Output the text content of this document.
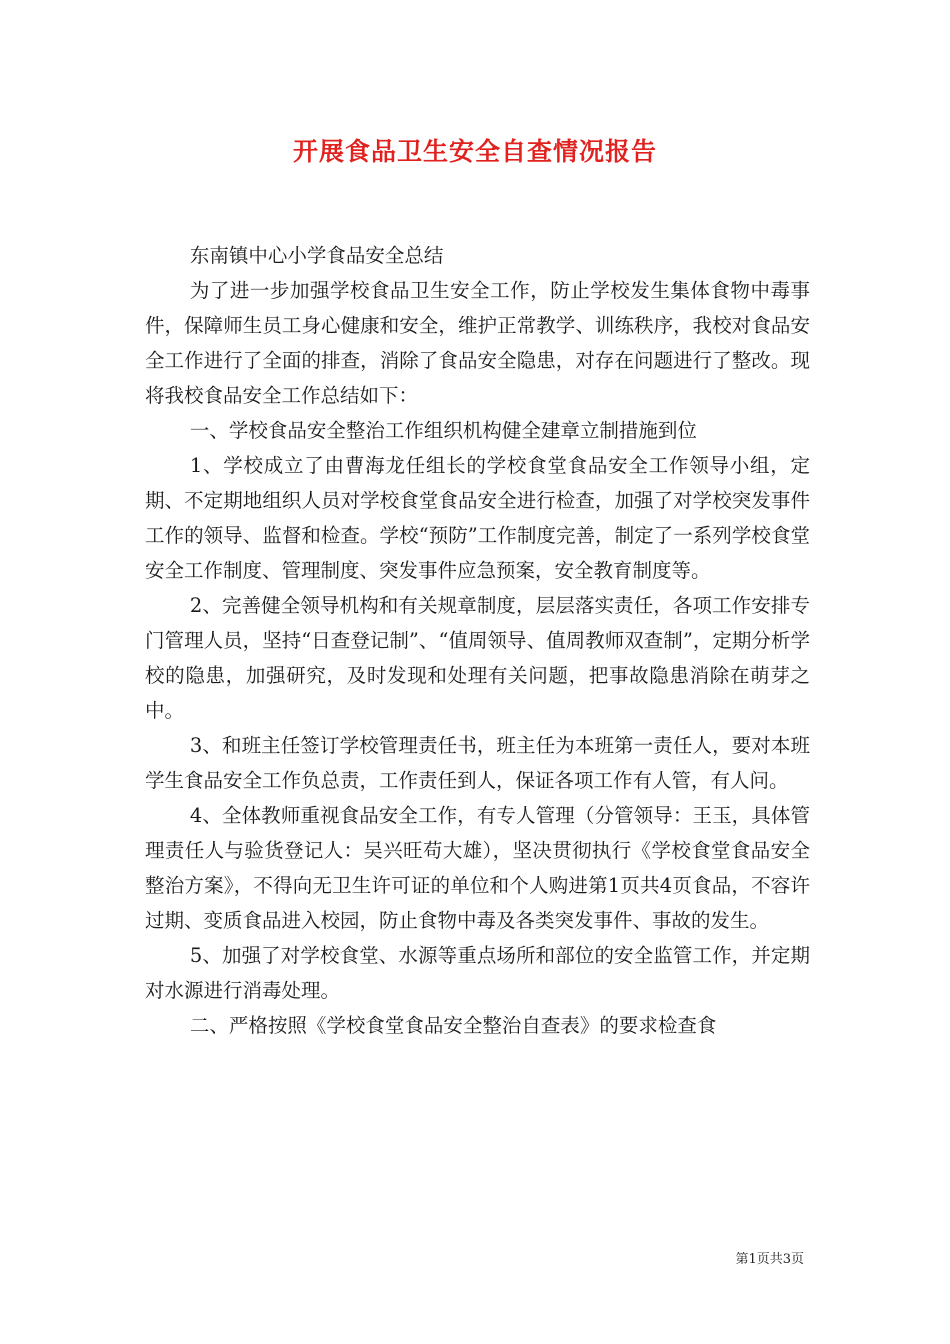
开展食品卫生安全自查情况报告

东南镇中心小学食品安全总结

为了进一步加强学校食品卫生安全工作，防止学校发生集体食物中毒事件，保障师生员工身心健康和安全，维护正常教学、训练秩序，我校对食品安全工作进行了全面的排查，消除了食品安全隐患，对存在问题进行了整改。现将我校食品安全工作总结如下：

一、学校食品安全整治工作组织机构健全建章立制措施到位

1、学校成立了由曹海龙任组长的学校食堂食品安全工作领导小组，定期、不定期地组织人员对学校食堂食品安全进行检查，加强了对学校突发事件工作的领导、监督和检查。学校“预防”工作制度完善，制定了一系列学校食堂安全工作制度、管理制度、突发事件应急预案，安全教育制度等。

2、完善健全领导机构和有关规章制度，层层落实责任，各项工作安排专门管理人员，坚持“日查登记制”、“值周领导、值周教师双查制”，定期分析学校的隐患，加强研究，及时发现和处理有关问题，把事故隐患消除在萌芽之中。

3、和班主任签订学校管理责任书，班主任为本班第一责任人，要对本班学生食品安全工作负总责，工作责任到人，保证各项工作有人管，有人问。

4、全体教师重视食品安全工作，有专人管理（分管领导：王玉，具体管理责任人与验货登记人：吴兴旺苟大雄），坚决贯彻执行《学校食堂食品安全整治方案》，不得向无卫生许可证的单位和个人购进第1页共4页食品，不容许过期、变质食品进入校园，防止食物中毒及各类突发事件、事故的发生。

5、加强了对学校食堂、水源等重点场所和部位的安全监管工作，并定期对水源进行消毒处理。

二、严格按照《学校食堂食品安全整治自查表》的要求检查食

第1页共3页
